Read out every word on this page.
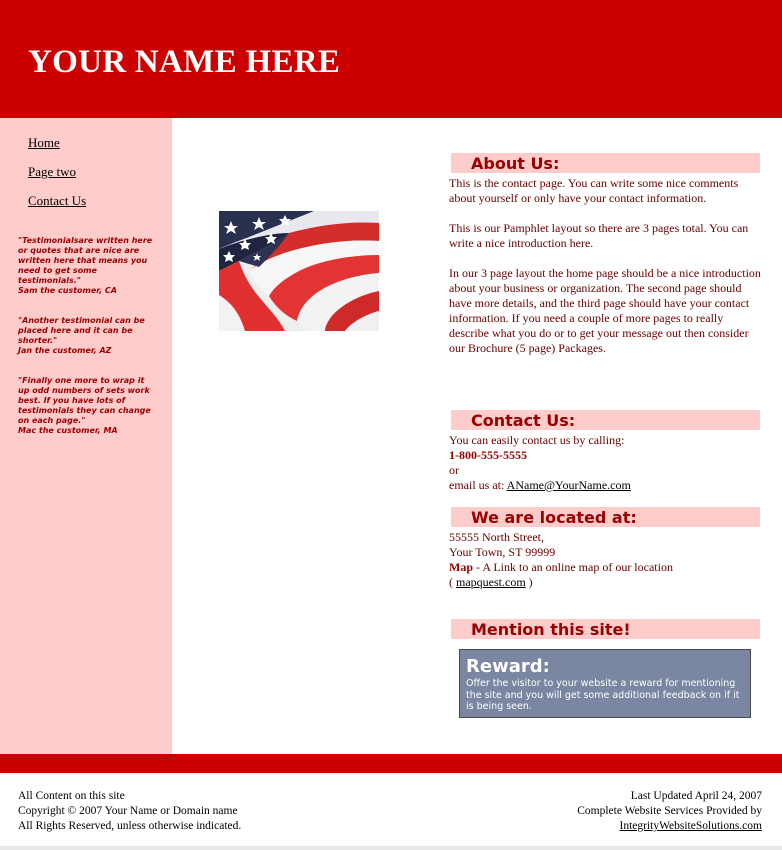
YOUR NAME HERE
Home
Page two
Contact Us
"Testimonialsare written here or quotes that are nice are written here that means you need to get some testimonials."
Sam the customer, CA
"Another testimonial can be placed here and it can be shorter."
Jan the customer, AZ
"Finally one more to wrap it up odd numbers of sets work best. If you have lots of testimonials they can change on each page."
Mac the customer, MA
About Us:

This is the contact page. You can write some nice comments about yourself or only have your contact information.

This is our Pamphlet layout so there are 3 pages total. You can write a nice introduction here.

In our 3 page layout the home page should be a nice introduction about your business or organization. The second page should have more details, and the third page should have your contact information. If you need a couple of more pages to really describe what you do or to get your message out then consider our Brochure (5 page) Packages.

Contact Us:
You can easily contact us by calling:
1-800-555-5555
or
email us at: AName@YourName.com
We are located at:
55555 North Street,
Your Town, ST 99999
Map - A Link to an online map of our location
( mapquest.com )
Mention this site!
Reward:
Offer the visitor to your website a reward for mentioning the site and you will get some additional feedback on if it is being seen.
All Content on this site
Copyright © 2007 Your Name or Domain name
All Rights Reserved, unless otherwise indicated.
Last Updated April 24, 2007
Complete Website Services Provided by
IntegrityWebsiteSolutions.com
